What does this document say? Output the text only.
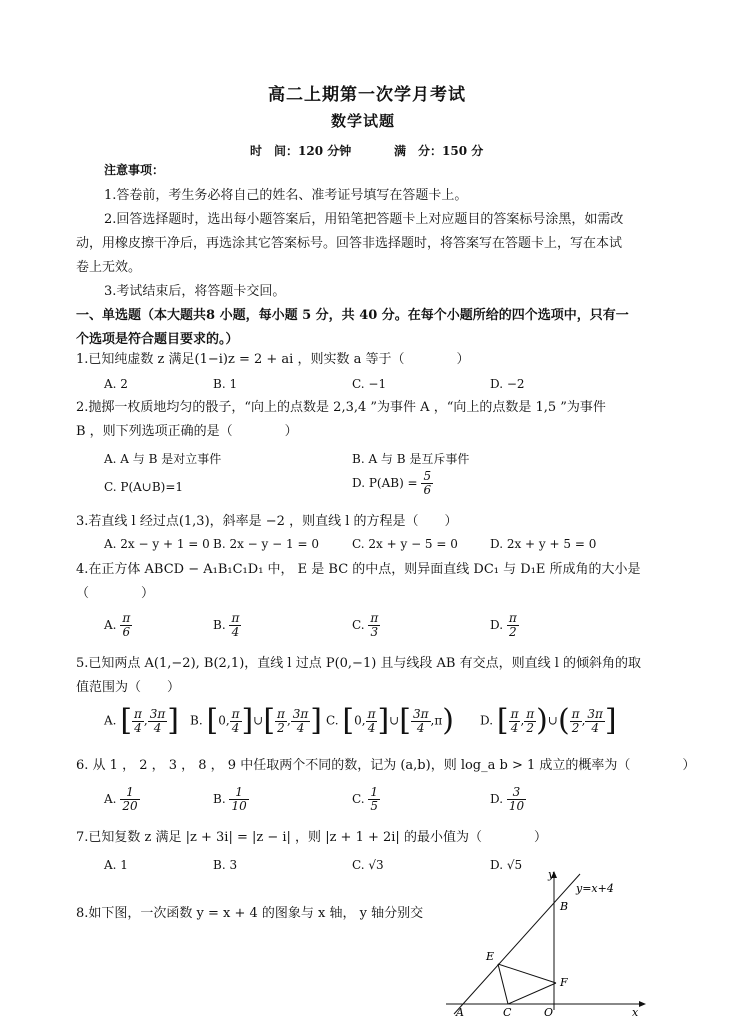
高二上期第一次学月考试
数学试题
时　间：120 分钟	满　分：150 分
注意事项：
1.答卷前，考生务必将自己的姓名、准考证号填写在答题卡上。
2.回答选择题时，选出每小题答案后，用铅笔把答题卡上对应题目的答案标号涂黑，如需改
动，用橡皮擦干净后，再选涂其它答案标号。回答非选择题时，将答案写在答题卡上，写在本试
卷上无效。
3.考试结束后，将答题卡交回。
一、单选题（本大题共8 小题，每小题 5 分，共 40 分。在每个小题所给的四个选项中，只有一
个选项是符合题目要求的。）
1.已知纯虚数 z 满足(1−i)z = 2 + ai ，则实数 a 等于（　　　　）
A. 2	B. 1	C. −1	D. −2
2.抛掷一枚质地均匀的骰子，“向上的点数是 2,3,4 ”为事件 A ，“向上的点数是 1,5 ”为事件
B ，则下列选项正确的是（　　　　）
A. A 与 B 是对立事件	B. A 与 B 是互斥事件
C. P(A∪B)=1	D. $P(AB) = \frac{5}{6}$
3.若直线 l 经过点(1,3)，斜率是 −2 ，则直线 l 的方程是（　　）
A. 2x − y + 1 = 0 B. 2x − y − 1 = 0	C. 2x + y − 5 = 0	D. 2x + y + 5 = 0
4.在正方体 ABCD − A₁B₁C₁D₁ 中， E 是 BC 的中点，则异面直线 DC₁ 与 D₁E 所成角的大小是
（　　　　）
A. $\frac{\pi}{6}$	B. $\frac{\pi}{4}$	C. $\frac{\pi}{3}$	D. $\frac{\pi}{2}$
5.已知两点 A(1,−2), B(2,1)，直线 l 过点 P(0,−1) 且与线段 AB 有交点，则直线 l 的倾斜角的取
值范围为（　　）
A. [ $\frac{\pi}{4}$ , $\frac{3\pi}{4}$ ] B. [0, $\frac{\pi}{4}$ ]∪[ $\frac{\pi}{2}$ , $\frac{3\pi}{4}$ ] C. [0, $\frac{\pi}{4}$ ]∪[ $\frac{3\pi}{4} ,\pi$) D. [ $\frac{\pi}{4}$ , $\frac{\pi}{2}$ )∪( $\frac{\pi}{2}$ , $\frac{3\pi}{4}$ ]
6. 从 1 ， 2 ， 3 ， 8 ， 9 中任取两个不同的数，记为 (a,b)，则 log_a b > 1 成立的概率为（　　　　）
A. $\frac{1}{20}$	B. $\frac{1}{10}$	C. $\frac{1}{5}$	D. $\frac{3}{10}$
7.已知复数 z 满足 |z + 3i| = |z − i| ，则 |z + 1 + 2i| 的最小值为（　　　　）
A. 1	B. 3	C. √3	D. √5
8.如下图，一次函数 y = x + 4 的图象与 x 轴， y 轴分别交
y
y=x+4
B
E
F
A	C	O	x
